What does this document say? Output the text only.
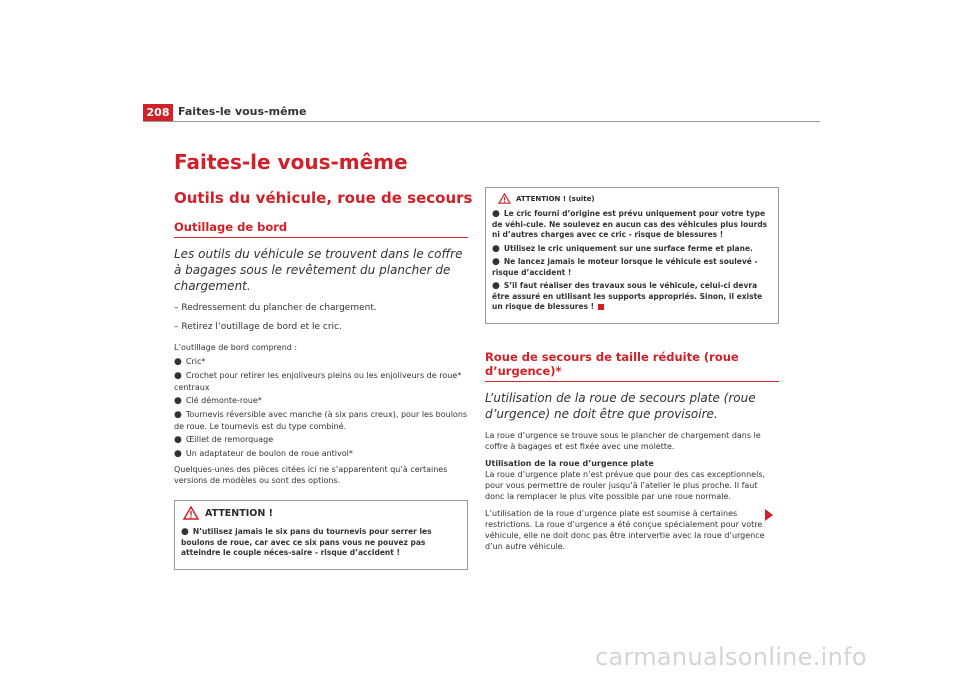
208 Faites-le vous-même
Faites-le vous-même
Outils du véhicule, roue de secours
Outillage de bord

Les outils du véhicule se trouvent dans le coffre à bagages sous le revêtement du plancher de chargement.

– Redressement du plancher de chargement.

– Retirez l’outillage de bord et le cric.

L’outillage de bord comprend :

● Cric*
● Crochet pour retirer les enjoliveurs pleins ou les enjoliveurs de roue* centraux
● Clé démonte-roue*
● Tournevis réversible avec manche (à six pans creux), pour les boulons de roue. Le tournevis est du type combiné.
● Œillet de remorquage
● Un adaptateur de boulon de roue antivol*

Quelques-unes des pièces citées ici ne s’apparentent qu’à certaines versions de modèles ou sont des options.

ATTENTION !
● N’utilisez jamais le six pans du tournevis pour serrer les boulons de roue, car avec ce six pans vous ne pouvez pas atteindre le couple néces-saire - risque d’accident !
ATTENTION ! (suite)
● Le cric fourni d’origine est prévu uniquement pour votre type de véhi-cule. Ne soulevez en aucun cas des véhicules plus lourds ni d’autres charges avec ce cric - risque de blessures !
● Utilisez le cric uniquement sur une surface ferme et plane.
● Ne lancez jamais le moteur lorsque le véhicule est soulevé - risque d’accident !
● S’il faut réaliser des travaux sous le véhicule, celui-ci devra être assuré en utilisant les supports appropriés. Sinon, il existe un risque de blessures !
Roue de secours de taille réduite (roue d’urgence)*

L’utilisation de la roue de secours plate (roue d’urgence) ne doit être que provisoire.

La roue d’urgence se trouve sous le plancher de chargement dans le coffre à bagages et est fixée avec une molette.

Utilisation de la roue d’urgence plate

La roue d’urgence plate n’est prévue que pour des cas exceptionnels, pour vous permettre de rouler jusqu’à l’atelier le plus proche. Il faut donc la remplacer le plus vite possible par une roue normale.

L’utilisation de la roue d’urgence plate est soumise à certaines restrictions. La roue d’urgence a été conçue spécialement pour votre véhicule, elle ne doit donc pas être intervertie avec la roue d’urgence d’un autre véhicule.

carmanualsonline.info
